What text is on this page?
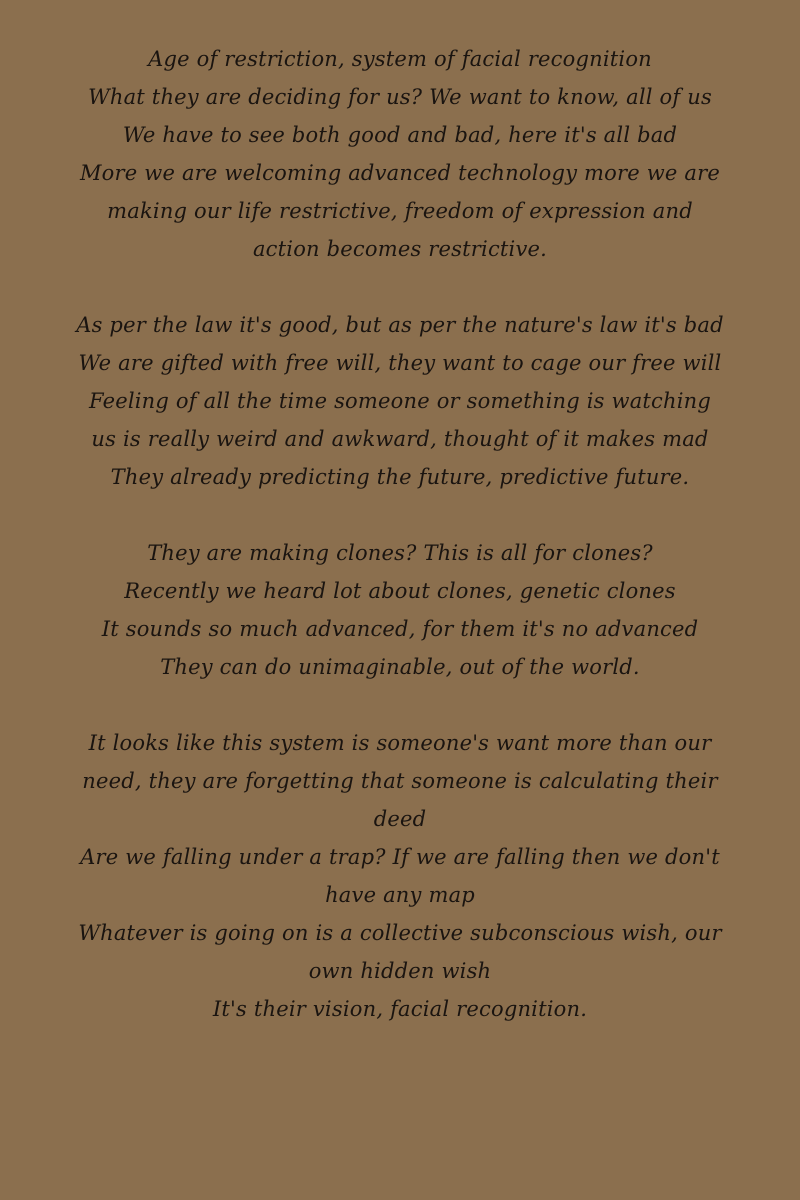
Age of restriction, system of facial recognition
What they are deciding for us? We want to know, all of us
We have to see both good and bad, here it's all bad
More we are welcoming advanced technology more we are making our life restrictive, freedom of expression and action becomes restrictive.
As per the law it's good, but as per the nature's law it's bad
We are gifted with free will, they want to cage our free will
Feeling of all the time someone or something is watching us is really weird and awkward, thought of it makes mad
They already predicting the future, predictive future.
They are making clones? This is all for clones?
Recently we heard lot about clones, genetic clones
It sounds so much advanced, for them it's no advanced
They can do unimaginable, out of the world.
It looks like this system is someone's want more than our need, they are forgetting that someone is calculating their deed
Are we falling under a trap? If we are falling then we don't have any map
Whatever is going on is a collective subconscious wish, our own hidden wish
It's their vision, facial recognition.
